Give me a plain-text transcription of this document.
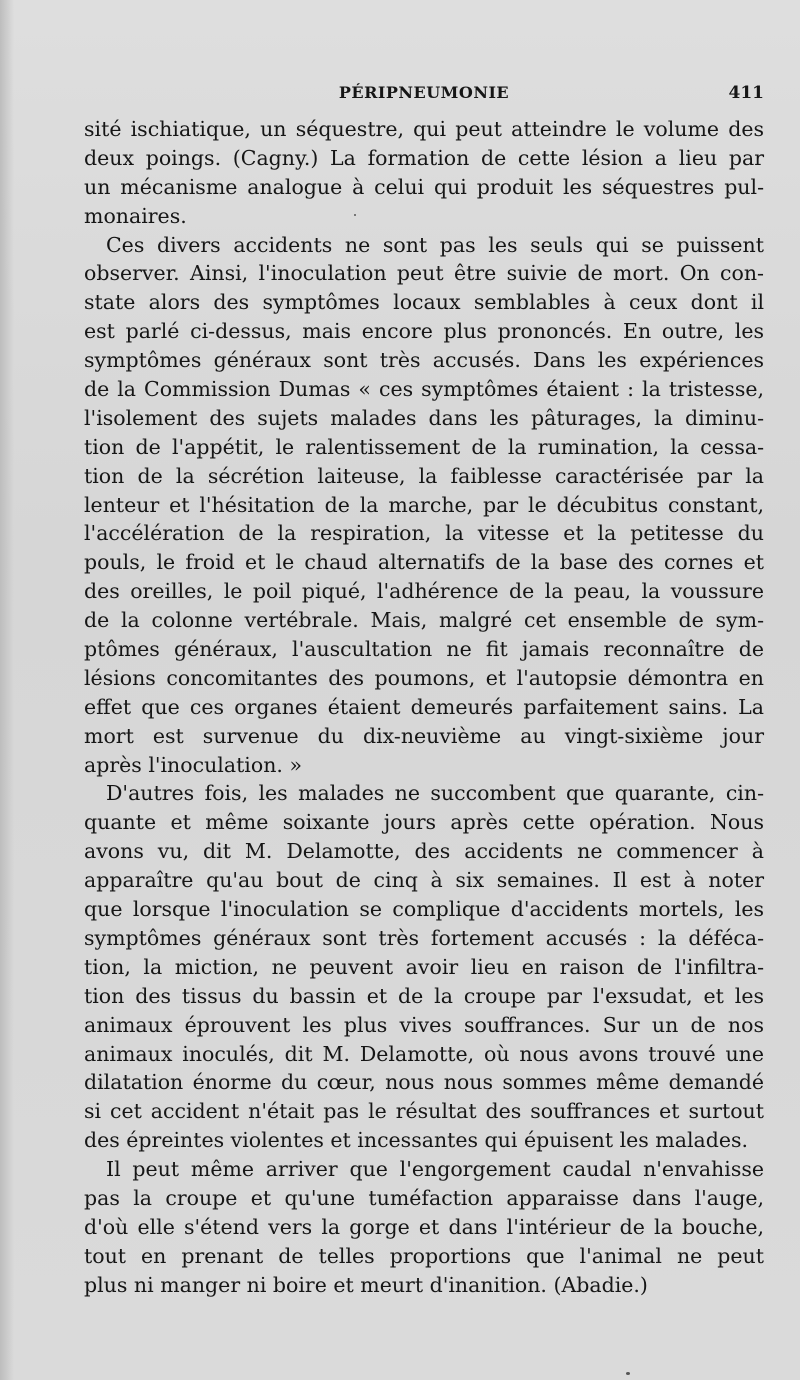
PÉRIPNEUMONIE	411
sité ischiatique, un séquestre, qui peut atteindre le volume des
deux poings. (Cagny.) La formation de cette lésion a lieu par
un mécanisme analogue à celui qui produit les séquestres pul-
monaires.
Ces divers accidents ne sont pas les seuls qui se puissent
observer. Ainsi, l'inoculation peut être suivie de mort. On con-
state alors des symptômes locaux semblables à ceux dont il
est parlé ci-dessus, mais encore plus prononcés. En outre, les
symptômes généraux sont très accusés. Dans les expériences
de la Commission Dumas « ces symptômes étaient : la tristesse,
l'isolement des sujets malades dans les pâturages, la diminu-
tion de l'appétit, le ralentissement de la rumination, la cessa-
tion de la sécrétion laiteuse, la faiblesse caractérisée par la
lenteur et l'hésitation de la marche, par le décubitus constant,
l'accélération de la respiration, la vitesse et la petitesse du
pouls, le froid et le chaud alternatifs de la base des cornes et
des oreilles, le poil piqué, l'adhérence de la peau, la voussure
de la colonne vertébrale. Mais, malgré cet ensemble de sym-
ptômes généraux, l'auscultation ne fit jamais reconnaître de
lésions concomitantes des poumons, et l'autopsie démontra en
effet que ces organes étaient demeurés parfaitement sains. La
mort est survenue du dix-neuvième au vingt-sixième jour
après l'inoculation. »
D'autres fois, les malades ne succombent que quarante, cin-
quante et même soixante jours après cette opération. Nous
avons vu, dit M. Delamotte, des accidents ne commencer à
apparaître qu'au bout de cinq à six semaines. Il est à noter
que lorsque l'inoculation se complique d'accidents mortels, les
symptômes généraux sont très fortement accusés : la défécа-
tion, la miction, ne peuvent avoir lieu en raison de l'infiltra-
tion des tissus du bassin et de la croupe par l'exsudat, et les
animaux éprouvent les plus vives souffrances. Sur un de nos
animaux inoculés, dit M. Delamotte, où nous avons trouvé une
dilatation énorme du cœur, nous nous sommes même demandé
si cet accident n'était pas le résultat des souffrances et surtout
des épreintes violentes et incessantes qui épuisent les malades.
Il peut même arriver que l'engorgement caudal n'envahisse
pas la croupe et qu'une tuméfaction apparaisse dans l'auge,
d'où elle s'étend vers la gorge et dans l'intérieur de la bouche,
tout en prenant de telles proportions que l'animal ne peut
plus ni manger ni boire et meurt d'inanition. (Abadie.)
